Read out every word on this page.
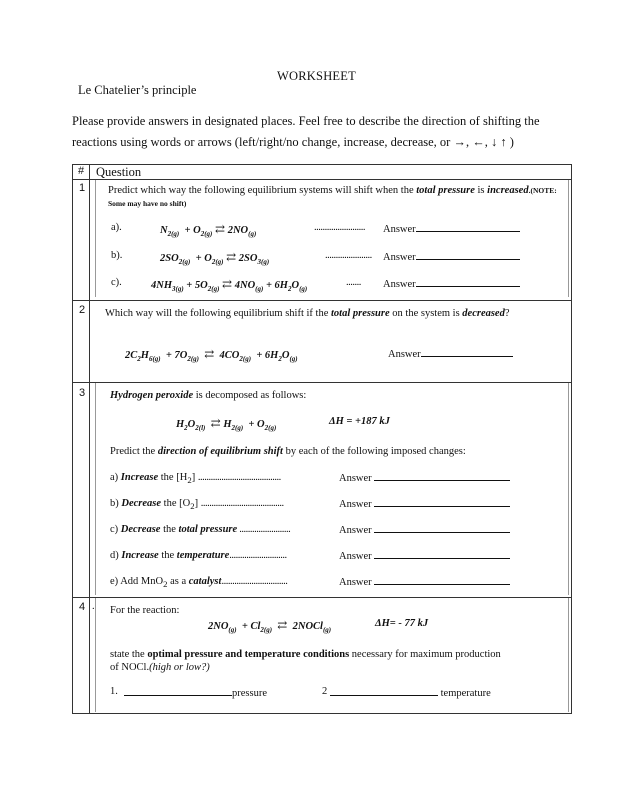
WORKSHEET
Le Chatelier’s principle
Please provide answers in designated places. Feel free to describe the direction of shifting the reactions using words or arrows (left/right/no change, increase, decrease, or →, ←, ↓ ↑ )
# Question
1 Predict which way the following equilibrium systems will shift when the total pressure is increased.(NOTE: Some may have no shift)
a).	$N_{2(g)} + O_{2(g)}$ ⇄ $2NO_{(g)}$
........................ Answer
b).	$2SO_{2(g)} + O_{2(g)}$ ⇄ $2SO_{3(g)}$
...................... Answer
c).	$4NH_{3(g)} + 5O_{2(g)}$ ⇄ $4NO_{(g)} + 6H_2O_{(g)}$
....... Answer
2 Which way will the following equilibrium shift if the total pressure on the system is decreased?
$2C_2H_{6(g)} + 7O_{2(g)}$ ⇄  $4CO_{2(g)} + 6H_2O_{(g)}$	Answer
3 Hydrogen peroxide is decomposed as follows:
$H_2O_{2(l)}$ ⇄ $H_{2(g)} + O_{2(g)}$
ΔH = +187 kJ
Predict the direction of equilibrium shift by each of the following imposed changes:
a) Increase the $[H_2]$ .......................................	Answer
b) Decrease the $[O_2]$ .......................................	Answer
c) Decrease the total pressure ........................	Answer
d) Increase the temperature...........................	Answer
e) Add MnO$_2$ as a catalyst...............................	Answer
4 . For the reaction:
$2NO_{(g)} + Cl_{2(g)}$ ⇄  2NOCl$_{(g)}$
ΔH= - 77 kJ
state the optimal pressure and temperature conditions necessary for maximum production of NOCl.(high or low?)
1.	pressure	2	temperature
